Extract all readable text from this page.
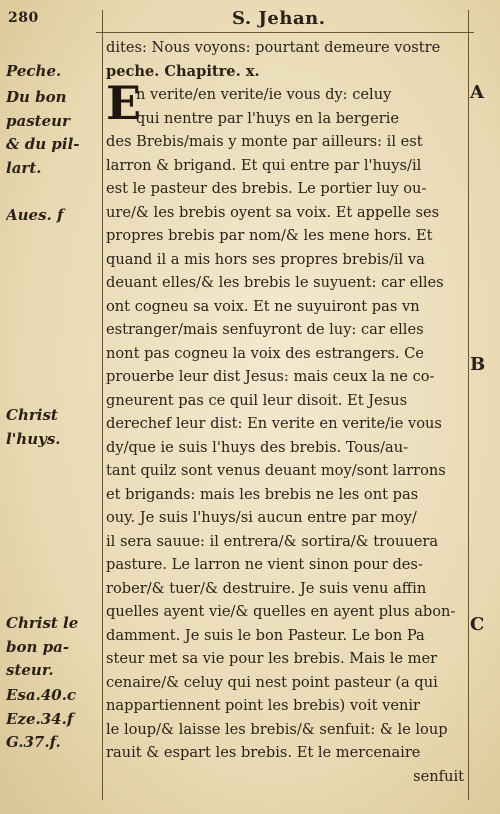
280	S. Jehan.
Peche.
Du bon
pasteur
& du pil-
lart.
Aues. f
Christ
l'huys.
Christ le
bon pa-
steur.
Esa.40.c
Eze.34.f
G.37.f.
A
B
C
E
dites: Nous voyons: pourtant demeure vostre
peche. Chapitre. x.
n verite/en verite/ie vous dy: celuy
qui nentre par l'huys en la bergerie
des Brebis/mais y monte par ailleurs: il est
larron & brigand. Et qui entre par l'huys/il
est le pasteur des brebis. Le portier luy ou-
ure/& les brebis oyent sa voix. Et appelle ses
propres brebis par nom/& les mene hors. Et
quand il a mis hors ses propres brebis/il va
deuant elles/& les brebis le suyuent: car elles
ont cogneu sa voix. Et ne suyuiront pas vn
estranger/mais senfuyront de luy: car elles
nont pas cogneu la voix des estrangers. Ce
prouerbe leur dist Jesus: mais ceux la ne co-
gneurent pas ce quil leur disoit. Et Jesus
derechef leur dist: En verite en verite/ie vous
dy/que ie suis l'huys des brebis. Tous/au-
tant quilz sont venus deuant moy/sont larrons
et brigands: mais les brebis ne les ont pas
ouy. Je suis l'huys/si aucun entre par moy/
il sera sauue: il entrera/& sortira/& trouuera
pasture. Le larron ne vient sinon pour des-
rober/& tuer/& destruire. Je suis venu affin
quelles ayent vie/& quelles en ayent plus abon-
damment. Je suis le bon Pasteur. Le bon Pa
steur met sa vie pour les brebis. Mais le mer
cenaire/& celuy qui nest point pasteur (a qui
nappartiennent point les brebis) voit venir
le loup/& laisse les brebis/& senfuit: & le loup
rauit & espart les brebis. Et le mercenaire
senfuit
